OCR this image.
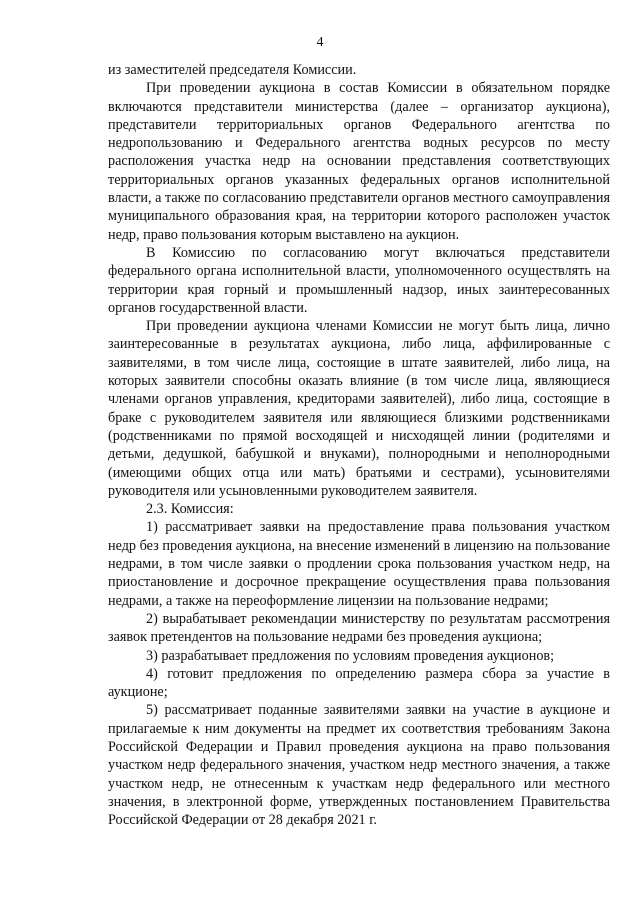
4

из заместителей председателя Комиссии.

При проведении аукциона в состав Комиссии в обязательном порядке включаются представители министерства (далее – организатор аукциона), представители территориальных органов Федерального агентства по недропользованию и Федерального агентства водных ресурсов по месту расположения участка недр на основании представления соответствующих территориальных органов указанных федеральных органов исполнительной власти, а также по согласованию представители органов местного самоуправления муниципального образования края, на территории которого расположен участок недр, право пользования которым выставлено на аукцион.

В Комиссию по согласованию могут включаться представители федерального органа исполнительной власти, уполномоченного осуществлять на территории края горный и промышленный надзор, иных заинтересованных органов государственной власти.

При проведении аукциона членами Комиссии не могут быть лица, лично заинтересованные в результатах аукциона, либо лица, аффилированные с заявителями, в том числе лица, состоящие в штате заявителей, либо лица, на которых заявители способны оказать влияние (в том числе лица, являющиеся членами органов управления, кредиторами заявителей), либо лица, состоящие в браке с руководителем заявителя или являющиеся близкими родственниками (родственниками по прямой восходящей и нисходящей линии (родителями и детьми, дедушкой, бабушкой и внуками), полнородными и неполнородными (имеющими общих отца или мать) братьями и сестрами), усыновителями руководителя или усыновленными руководителем заявителя.

2.3. Комиссия:

1) рассматривает заявки на предоставление права пользования участком недр без проведения аукциона, на внесение изменений в лицензию на пользование недрами, в том числе заявки о продлении срока пользования участком недр, на приостановление и досрочное прекращение осуществления права пользования недрами, а также на переоформление лицензии на пользование недрами;

2) вырабатывает рекомендации министерству по результатам рассмотрения заявок претендентов на пользование недрами без проведения аукциона;

3) разрабатывает предложения по условиям проведения аукционов;

4) готовит предложения по определению размера сбора за участие в аукционе;

5) рассматривает поданные заявителями заявки на участие в аукционе и прилагаемые к ним документы на предмет их соответствия требованиям Закона Российской Федерации и Правил проведения аукциона на право пользования участком недр федерального значения, участком недр местного значения, а также участком недр, не отнесенным к участкам недр федерального или местного значения, в электронной форме, утвержденных постановлением Правительства Российской Федерации от 28 декабря 2021 г.
